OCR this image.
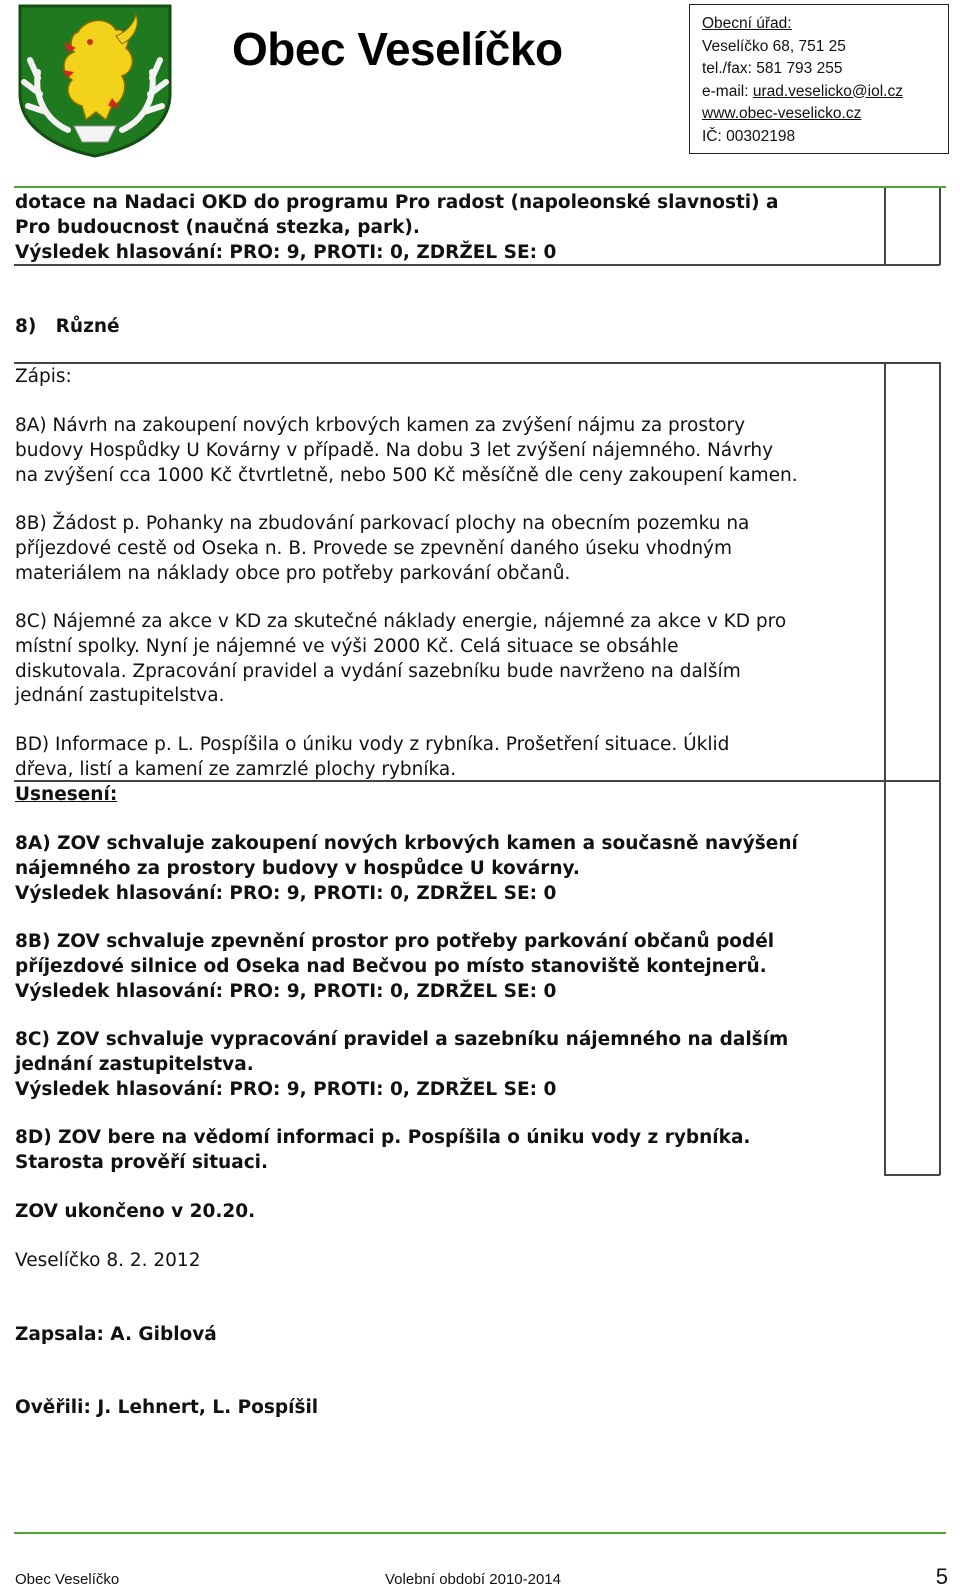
Obec Veselíčko	Obecní úřad:
Veselíčko 68, 751 25
tel./fax: 581 793 255
e-mail: urad.veselicko@iol.cz
www.obec-veselicko.cz
IČ: 00302198
dotace na Nadaci OKD do programu Pro radost (napoleonské slavnosti) a
Pro budoucnost (naučná stezka, park).
Výsledek hlasování: PRO: 9, PROTI: 0, ZDRŽEL SE: 0
8)   Různé
Zápis:
8A) Návrh na zakoupení nových krbových kamen za zvýšení nájmu za prostory
budovy Hospůdky U Kovárny v případě. Na dobu 3 let zvýšení nájemného. Návrhy
na zvýšení cca 1000 Kč čtvrtletně, nebo 500 Kč měsíčně dle ceny zakoupení kamen.
8B) Žádost p. Pohanky na zbudování parkovací plochy na obecním pozemku na
příjezdové cestě od Oseka n. B. Provede se zpevnění daného úseku vhodným
materiálem na náklady obce pro potřeby parkování občanů.
8C) Nájemné za akce v KD za skutečné náklady energie, nájemné za akce v KD pro
místní spolky. Nyní je nájemné ve výši 2000 Kč. Celá situace se obsáhle
diskutovala. Zpracování pravidel a vydání sazebníku bude navrženo na dalším
jednání zastupitelstva.
BD) Informace p. L. Pospíšila o úniku vody z rybníka. Prošetření situace. Úklid
dřeva, listí a kamení ze zamrzlé plochy rybníka.
Usnesení:
8A) ZOV schvaluje zakoupení nových krbových kamen a současně navýšení
nájemného za prostory budovy v hospůdce U kovárny.
Výsledek hlasování: PRO: 9, PROTI: 0, ZDRŽEL SE: 0
8B) ZOV schvaluje zpevnění prostor pro potřeby parkování občanů podél
příjezdové silnice od Oseka nad Bečvou po místo stanoviště kontejnerů.
Výsledek hlasování: PRO: 9, PROTI: 0, ZDRŽEL SE: 0
8C) ZOV schvaluje vypracování pravidel a sazebníku nájemného na dalším
jednání zastupitelstva.
Výsledek hlasování: PRO: 9, PROTI: 0, ZDRŽEL SE: 0
8D) ZOV bere na vědomí informaci p. Pospíšila o úniku vody z rybníka.
Starosta prověří situaci.
ZOV ukončeno v 20.20.
Veselíčko 8. 2. 2012
Zapsala: A. Giblová
Ověřili: J. Lehnert, L. Pospíšil
Obec Veselíčko	Volební období 2010-2014	5
